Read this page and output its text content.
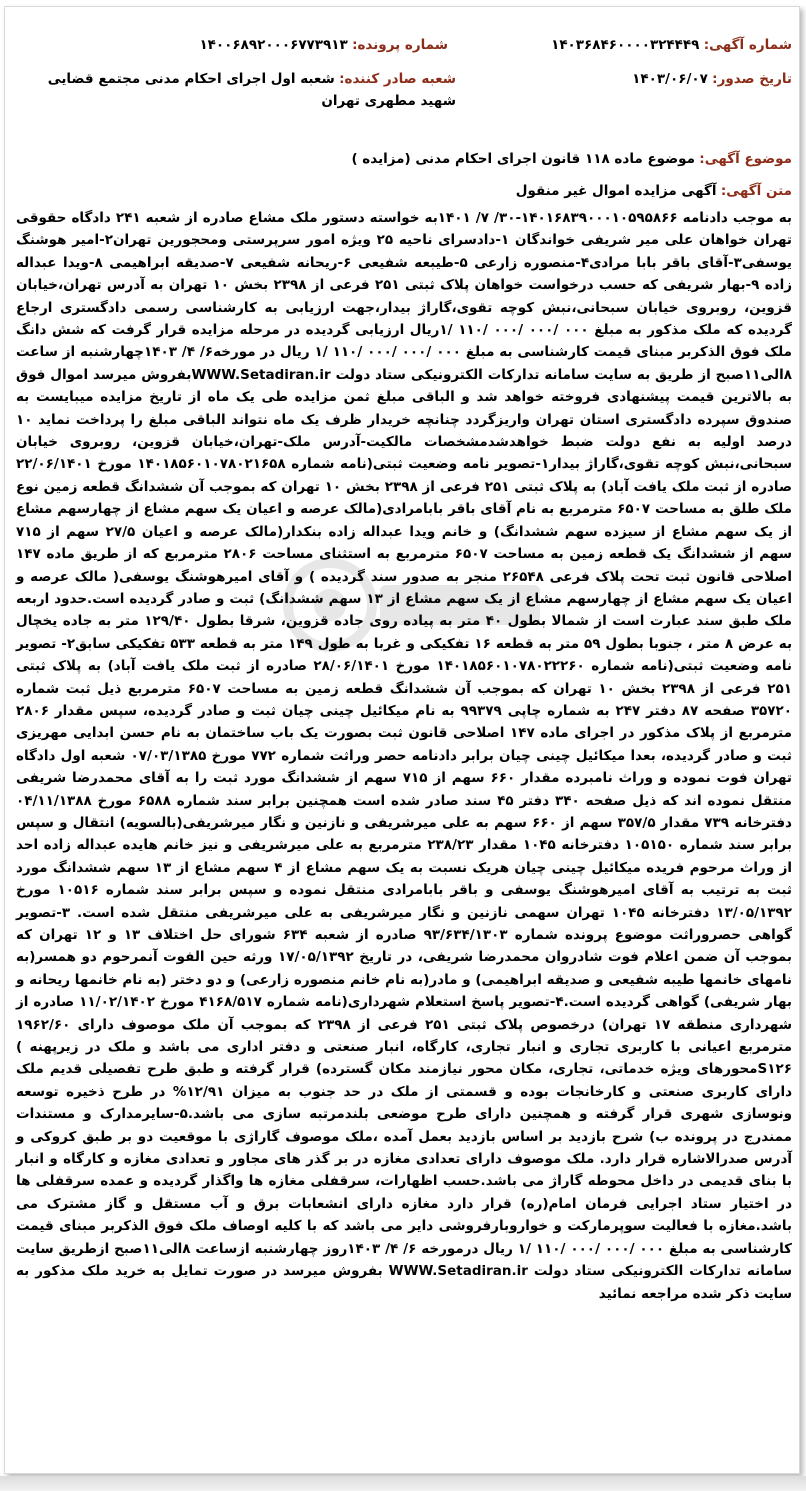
شماره آگهی: ۱۴۰۳۶۸۴۶۰۰۰۰۳۲۴۴۴۹
شماره پرونده: ۱۴۰۰۶۸۹۲۰۰۰۶۷۷۳۹۱۳
تاریخ صدور: ۱۴۰۳/۰۶/۰۷
شعبه صادر کننده: شعبه اول اجرای احکام مدنی مجتمع قضایی شهید مطهری تهران
موضوع آگهی: موضوع ماده ۱۱۸ قانون اجرای احکام مدنی (مزایده )
متن آگهی: آگهی مزایده اموال غیر منقول
به موجب دادنامه ۱۴۰۱۶۸۳۹۰۰۰۱۰۵۹۵۸۶۶-۳۰/ ۷/ ۱۴۰۱به خواسته دستور ملک مشاع صادره از شعبه ۲۴۱ دادگاه حقوقی تهران خواهان علی میر شریفی خواندگان ۱-دادسرای ناحیه ۲۵ ویژه امور سرپرستی ومحجورین تهران۲-امیر هوشنگ یوسفی۳-آقای باقر بابا مرادی۴-منصوره زارعی ۵-طیبعه شفیعی ۶-ریحانه شفیعی ۷-صدیقه ابراهیمی ۸-ویدا عبداله زاده ۹-بهار شریفی که حسب درخواست خواهان پلاک ثبتی ۲۵۱ فرعی از ۲۳۹۸ بخش ۱۰ تهران به آدرس تهران،خیابان قزوین، روبروی خیابان سبحانی،نبش کوچه تقوی،گاراژ بیدار،جهت ارزیابی به کارشناسی رسمی دادگستری ارجاع گردیده که ملک مذکور به مبلغ ۰۰۰ /۰۰۰ /۰۰۰ /۱۱۰ /۱ریال ارزیابی گردیده در مرحله مزایده قرار گرفت که شش دانگ ملک فوق الذکربر مبنای قیمت کارشناسی به مبلغ ۰۰۰ /۰۰۰ /۰۰۰ /۱۱۰ /۱ ریال در مورخه۶/ ۴/ ۱۴۰۳چهارشنبه از ساعت ۸الی۱۱صبح از طریق به سایت سامانه تدارکات الکترونیکی ستاد دولت WWW.Setadiran.irبفروش میرسد اموال فوق به بالاترین قیمت پیشنهادی فروخته خواهد شد و الباقی مبلغ ثمن مزایده طی یک ماه از تاریخ مزایده میبایست به صندوق سپرده دادگستری استان تهران واریزگردد چنانچه خریدار ظرف یک ماه نتواند الباقی مبلغ را پرداخت نماید ۱۰ درصد اولیه به نفع دولت ضبط خواهدشدمشخصات مالکیت-آدرس ملک-تهران،خیابان قزوین، روبروی خیابان سبحانی،نبش کوچه تقوی،گاراژ بیدار۱-تصویر نامه وضعیت ثبتی(نامه شماره ۱۴۰۱۸۵۶۰۱۰۷۸۰۲۱۶۵۸ مورخ ۲۲/۰۶/۱۴۰۱ صادره از ثبت ملک یافت آباد) به پلاک ثبتی ۲۵۱ فرعی از ۲۳۹۸ بخش ۱۰ تهران که بموجب آن ششدانگ قطعه زمین نوع ملک طلق به مساحت ۶۵۰۷ مترمربع به نام آقای باقر بابامرادی(مالک عرصه و اعیان یک سهم مشاع از چهارسهم مشاع از یک سهم مشاع از سیزده سهم ششدانگ) و خانم ویدا عبداله زاده بنکدار(مالک عرصه و اعیان ۲۷/۵ سهم از ۷۱۵ سهم از ششدانگ یک قطعه زمین به مساحت ۶۵۰۷ مترمربع به استثنای مساحت ۲۸۰۶ مترمربع که از طریق ماده ۱۴۷ اصلاحی قانون ثبت تحت پلاک فرعی ۲۶۵۴۸ منجر به صدور سند گردیده ) و آقای امیرهوشنگ یوسفی( مالک عرصه و اعیان یک سهم مشاع از چهارسهم مشاع از یک سهم مشاع از ۱۳ سهم ششدانگ) ثبت و صادر گردیده است.حدود اربعه ملک طبق سند عبارت است از شمالا بطول ۴۰ متر به پیاده روی جاده قزوین، شرقا بطول ۱۲۹/۴۰ متر به جاده یخچال به عرض ۸ متر ، جنوبا بطول ۵۹ متر به قطعه ۱۶ تفکیکی و غربا به طول ۱۴۹ متر به قطعه ۵۳۳ تفکیکی سابق۲- تصویر نامه وضعیت ثبتی(نامه شماره ۱۴۰۱۸۵۶۰۱۰۷۸۰۲۲۲۶۰ مورخ ۲۸/۰۶/۱۴۰۱ صادره از ثبت ملک یافت آباد) به پلاک ثبتی ۲۵۱ فرعی از ۲۳۹۸ بخش ۱۰ تهران که بموجب آن ششدانگ قطعه زمین به مساحت ۶۵۰۷ مترمربع ذیل ثبت شماره ۳۵۷۲۰ صفحه ۸۷ دفتر ۲۴۷ به شماره چاپی ۹۹۳۷۹ به نام میکائیل چینی چیان ثبت و صادر گردیده، سپس مقدار ۲۸۰۶ مترمربع از پلاک مذکور در اجرای ماده ۱۴۷ اصلاحی قانون ثبت بصورت یک باب ساختمان به نام حسن ابدایی مهریزی ثبت و صادر گردیده، بعدا میکائیل چینی چیان برابر دادنامه حصر وراثت شماره ۷۷۲ مورخ ۰۷/۰۳/۱۳۸۵ شعبه اول دادگاه تهران فوت نموده و وراث نامبرده مقدار ۶۶۰ سهم از ۷۱۵ سهم از ششدانگ مورد ثبت را به آقای محمدرضا شریفی منتقل نموده اند که ذیل صفحه ۳۴۰ دفتر ۴۵ سند صادر شده است همچنین برابر سند شماره ۶۵۸۸ مورخ ۰۴/۱۱/۱۳۸۸ دفترخانه ۷۳۹ مقدار ۳۵۷/۵ سهم از ۶۶۰ سهم به علی میرشریفی و نازنین و نگار میرشریفی(بالسویه) انتقال و سپس برابر سند شماره ۱۰۵۱۵۰ دفترخانه ۱۰۴۵ مقدار ۲۳۸/۲۳ مترمربع به علی میرشریفی و نیز خانم هایده عبداله زاده احد از وراث مرحوم فریده میکائیل چینی چیان هریک نسبت به یک سهم مشاع از ۴ سهم مشاع از ۱۳ سهم ششدانگ مورد ثبت به ترتیب به آقای امیرهوشنگ یوسفی و باقر بابامرادی منتقل نموده و سپس برابر سند شماره ۱۰۵۱۶ مورخ ۱۳/۰۵/۱۳۹۲ دفترخانه ۱۰۴۵ تهران سهمی نازنین و نگار میرشریفی به علی میرشریفی منتقل شده است. ۳-تصویر گواهی حصروراثت موضوع پرونده شماره ۹۳/۶۳۴/۱۳۰۳ صادره از شعبه ۶۳۴ شورای حل اختلاف ۱۳ و ۱۲ تهران که بموجب آن ضمن اعلام فوت شادروان محمدرضا شریفی، در تاریخ ۱۷/۰۵/۱۳۹۲ ورثه حین الفوت آنمرحوم دو همسر(به نامهای خانمها طیبه شفیعی و صدیقه ابراهیمی) و مادر(به نام خانم منصوره زارعی) و دو دختر (به نام خانمها ریحانه و بهار شریفی) گواهی گردیده است.۴-تصویر پاسخ استعلام شهرداری(نامه شماره ۴۱۶۸/۵۱۷ مورخ ۱۱/۰۲/۱۴۰۲ صادره از شهرداری منطقه ۱۷ تهران) درخصوص پلاک ثبتی ۲۵۱ فرعی از ۲۳۹۸ که بموجب آن ملک موصوف دارای ۱۹۶۲/۶۰ مترمربع اعیانی با کاربری تجاری و انبار تجاری، کارگاه، انبار صنعتی و دفتر اداری می باشد و ملک در زیرپهنه ) S۱۲۶محورهای ویژه خدماتی، تجاری، مکان محور نیازمند مکان گسترده) قرار گرفته و طبق طرح تفصیلی قدیم ملک دارای کاربری صنعتی و کارخانجات بوده و قسمتی از ملک در حد جنوب به میزان ۱۲/۹۱% در طرح ذخیره توسعه ونوسازی شهری قرار گرفته و همچنین دارای طرح موضعی بلندمرتبه سازی می باشد.۵-سایرمدارک و مستندات ممندرج در پرونده ب) شرح بازدید بر اساس بازدید بعمل آمده ،ملک موصوف گاراژی با موقعیت دو بر طبق کروکی و آدرس صدرالاشاره قرار دارد. ملک موصوف دارای تعدادی مغازه در بر گذر های مجاور و تعدادی مغازه و کارگاه و انبار با بنای قدیمی در داخل محوطه گاراژ می باشد.حسب اظهارات، سرقفلی مغازه ها واگذار گردیده و عمده سرقفلی ها در اختیار ستاد اجرایی فرمان امام(ره) قرار دارد مغازه دارای انشعابات برق و آب مستقل و گاز مشترک می باشد.مغازه با فعالیت سوپرمارکت و خواروبارفروشی دایر می باشد که با کلیه اوصاف ملک فوق الذکربر مبنای قیمت کارشناسی به مبلغ ۰۰۰ /۰۰۰ /۰۰۰ /۱۱۰ /۱ ریال درمورخه ۶/ ۴/ ۱۴۰۳روز چهارشنبه ازساعت ۸الی۱۱صبح ازطریق سایت سامانه تدارکات الکترونیکی ستاد دولت WWW.Setadiran.ir بفروش میرسد در صورت تمایل به خرید ملک مذکور به سایت ذکر شده مراجعه نمائید
